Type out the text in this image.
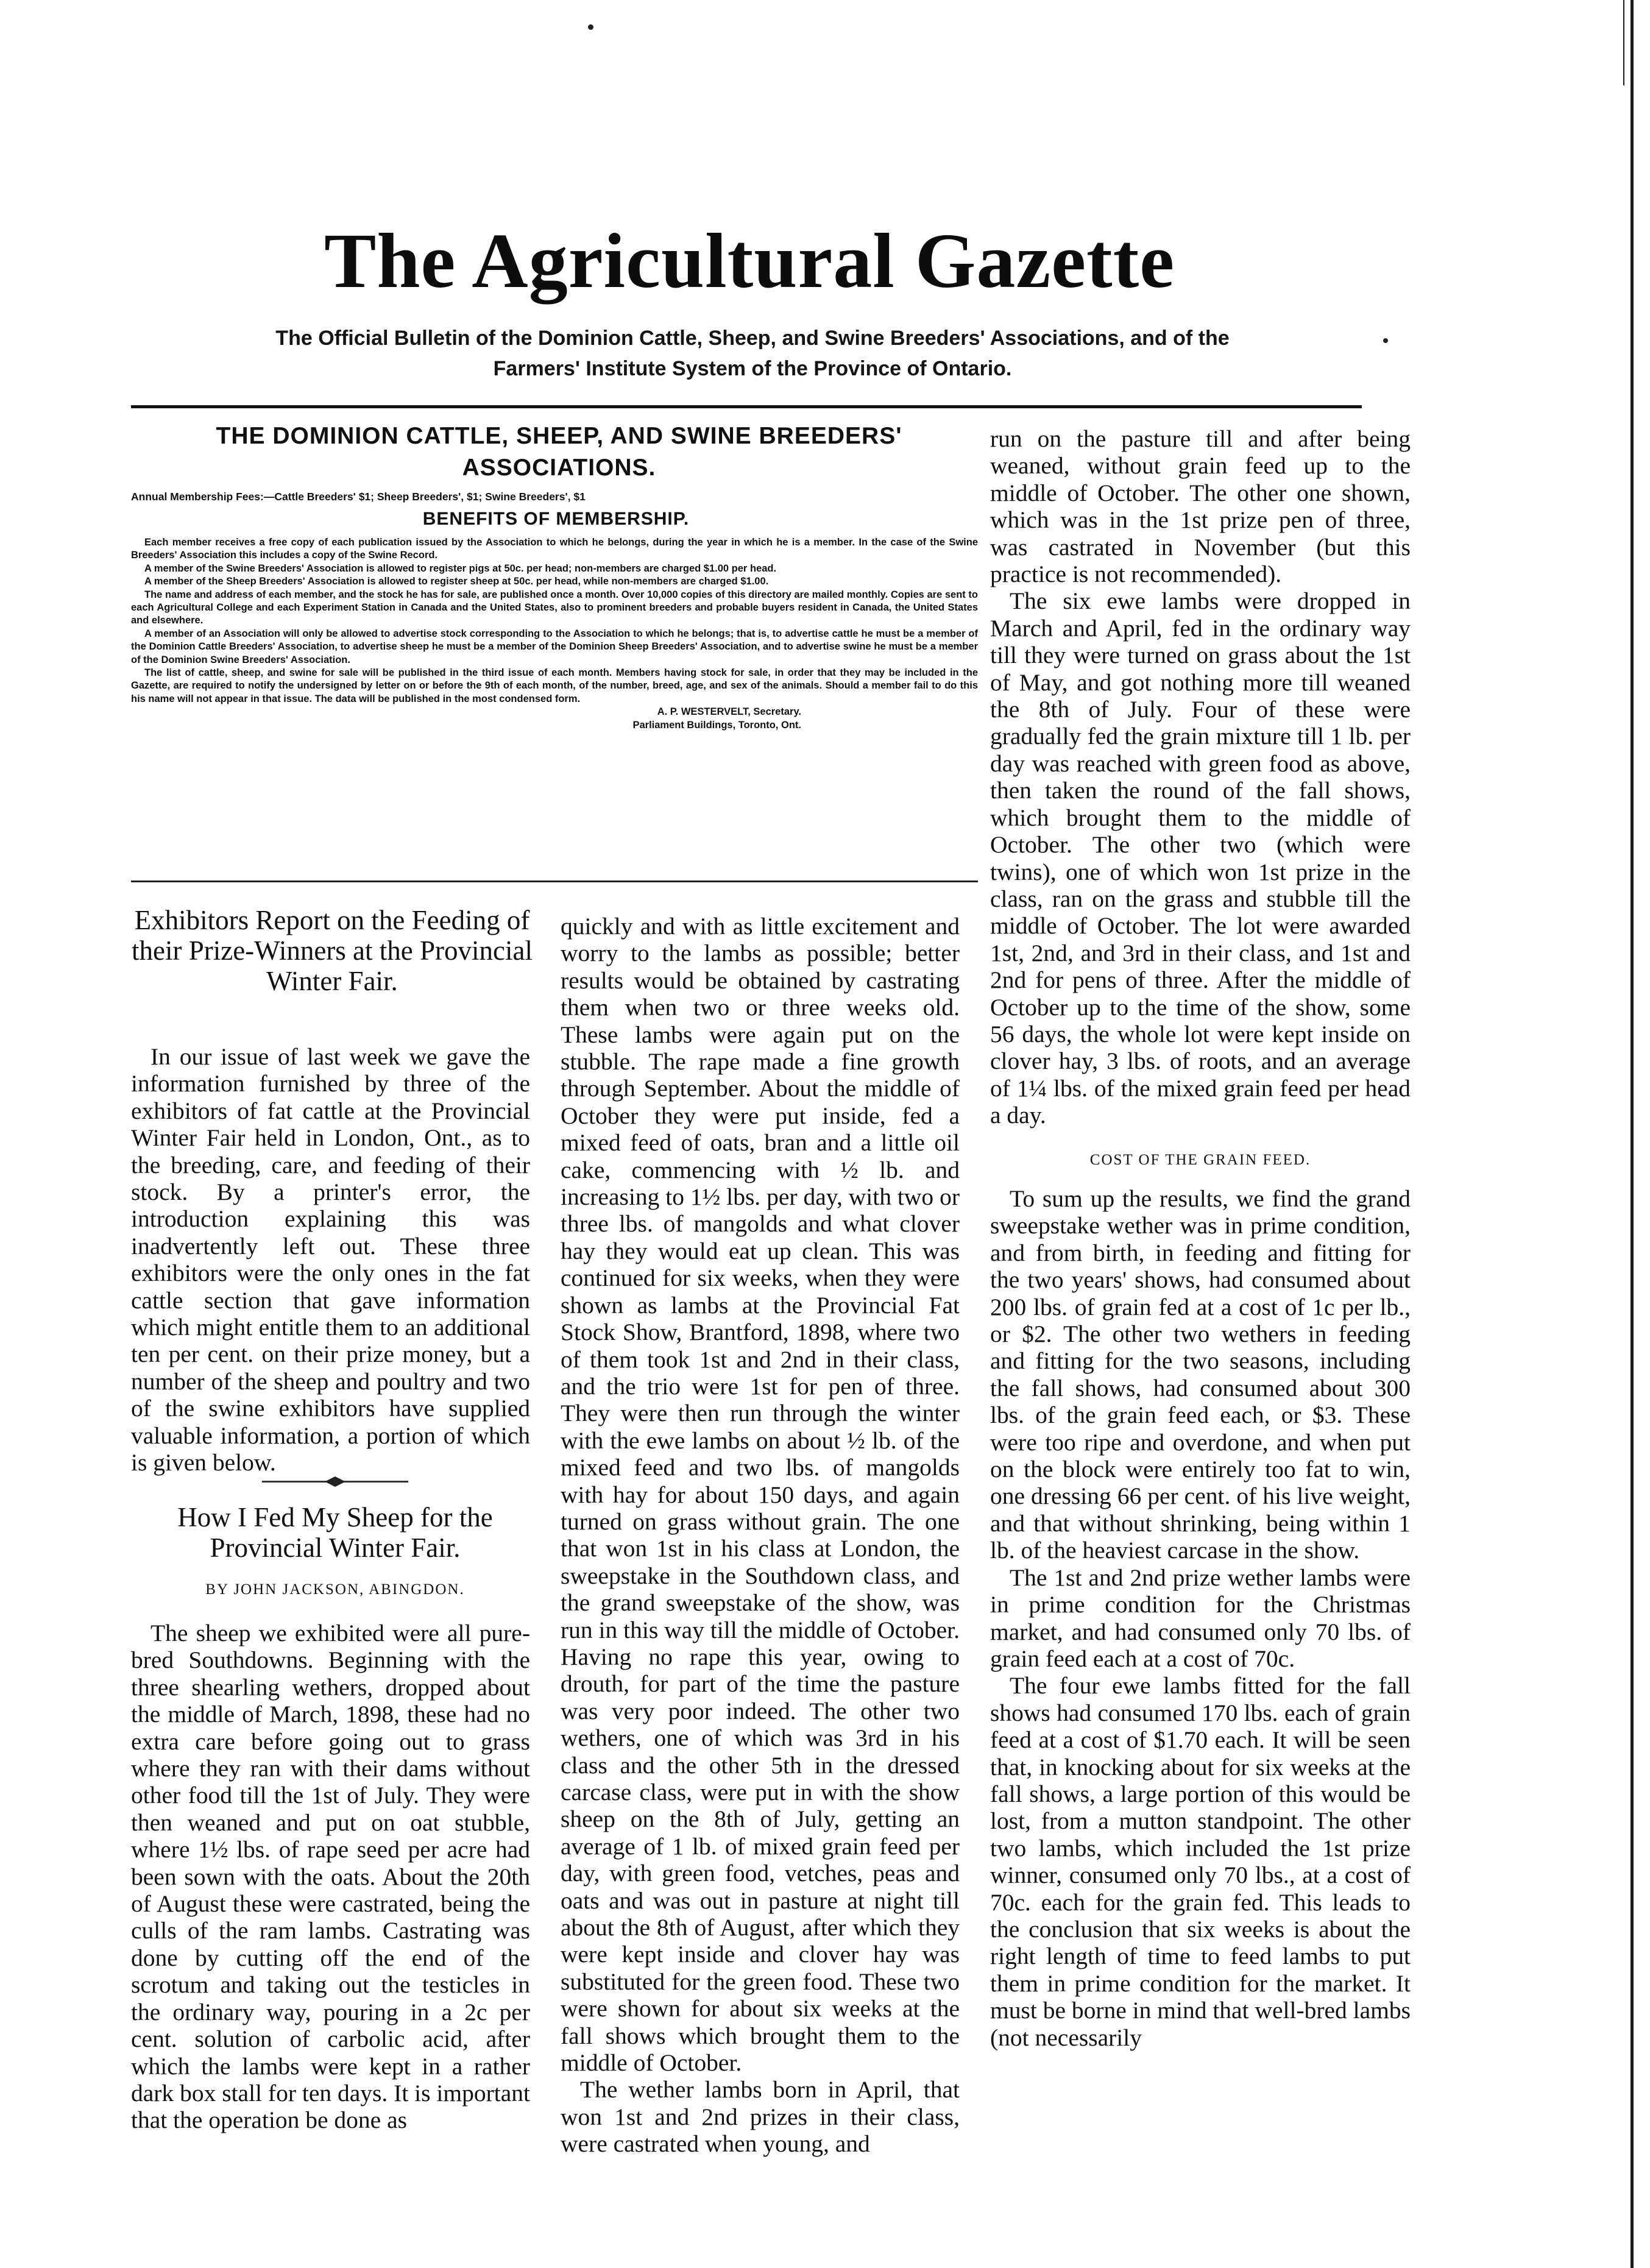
The Agricultural Gazette
The Official Bulletin of the Dominion Cattle, Sheep, and Swine Breeders' Associations, and of the
Farmers' Institute System of the Province of Ontario.
THE DOMINION CATTLE, SHEEP, AND SWINE BREEDERS'
ASSOCIATIONS.
Annual Membership Fees:—Cattle Breeders' $1; Sheep Breeders', $1; Swine Breeders', $1
BENEFITS OF MEMBERSHIP.

Each member receives a free copy of each publication issued by the Association to which he belongs, during the year in which he is a member. In the case of the Swine Breeders' Association this includes a copy of the Swine Record.

A member of the Swine Breeders' Association is allowed to register pigs at 50c. per head; non-members are charged $1.00 per head.

A member of the Sheep Breeders' Association is allowed to register sheep at 50c. per head, while non-members are charged $1.00.

The name and address of each member, and the stock he has for sale, are published once a month. Over 10,000 copies of this directory are mailed monthly. Copies are sent to each Agricultural College and each Experiment Station in Canada and the United States, also to prominent breeders and probable buyers resident in Canada, the United States and elsewhere.

A member of an Association will only be allowed to advertise stock corresponding to the Association to which he belongs; that is, to advertise cattle he must be a member of the Dominion Cattle Breeders' Association, to advertise sheep he must be a member of the Dominion Sheep Breeders' Association, and to advertise swine he must be a member of the Dominion Swine Breeders' Association.

The list of cattle, sheep, and swine for sale will be published in the third issue of each month. Members having stock for sale, in order that they may be included in the Gazette, are required to notify the undersigned by letter on or before the 9th of each month, of the number, breed, age, and sex of the animals. Should a member fail to do this his name will not appear in that issue. The data will be published in the most condensed form.

A. P. WESTERVELT, Secretary.

Parliament Buildings, Toronto, Ont.

Exhibitors Report on the Feeding of their Prize-Winners at the Provincial Winter Fair.

In our issue of last week we gave the information furnished by three of the exhibitors of fat cattle at the Provincial Winter Fair held in London, Ont., as to the breeding, care, and feeding of their stock. By a printer's error, the introduction explaining this was inadvertently left out. These three exhibitors were the only ones in the fat cattle section that gave information which might entitle them to an additional ten per cent. on their prize money, but a number of the sheep and poultry and two of the swine exhibitors have supplied valuable information, a portion of which is given below.

How I Fed My Sheep for the Provincial Winter Fair.
BY JOHN JACKSON, ABINGDON.

The sheep we exhibited were all pure-bred Southdowns. Beginning with the three shearling wethers, dropped about the middle of March, 1898, these had no extra care before going out to grass where they ran with their dams without other food till the 1st of July. They were then weaned and put on oat stubble, where 1½ lbs. of rape seed per acre had been sown with the oats. About the 20th of August these were castrated, being the culls of the ram lambs. Castrating was done by cutting off the end of the scrotum and taking out the testicles in the ordinary way, pouring in a 2c per cent. solution of carbolic acid, after which the lambs were kept in a rather dark box stall for ten days. It is important that the operation be done as

quickly and with as little excitement and worry to the lambs as possible; better results would be obtained by castrating them when two or three weeks old. These lambs were again put on the stubble. The rape made a fine growth through September. About the middle of October they were put inside, fed a mixed feed of oats, bran and a little oil cake, commencing with ½ lb. and increasing to 1½ lbs. per day, with two or three lbs. of mangolds and what clover hay they would eat up clean. This was continued for six weeks, when they were shown as lambs at the Provincial Fat Stock Show, Brantford, 1898, where two of them took 1st and 2nd in their class, and the trio were 1st for pen of three. They were then run through the winter with the ewe lambs on about ½ lb. of the mixed feed and two lbs. of mangolds with hay for about 150 days, and again turned on grass without grain. The one that won 1st in his class at London, the sweepstake in the Southdown class, and the grand sweepstake of the show, was run in this way till the middle of October. Having no rape this year, owing to drouth, for part of the time the pasture was very poor indeed. The other two wethers, one of which was 3rd in his class and the other 5th in the dressed carcase class, were put in with the show sheep on the 8th of July, getting an average of 1 lb. of mixed grain feed per day, with green food, vetches, peas and oats and was out in pasture at night till about the 8th of August, after which they were kept inside and clover hay was substituted for the green food. These two were shown for about six weeks at the fall shows which brought them to the middle of October.

The wether lambs born in April, that won 1st and 2nd prizes in their class, were castrated when young, and

run on the pasture till and after being weaned, without grain feed up to the middle of October. The other one shown, which was in the 1st prize pen of three, was castrated in November (but this practice is not recommended).

The six ewe lambs were dropped in March and April, fed in the ordinary way till they were turned on grass about the 1st of May, and got nothing more till weaned the 8th of July. Four of these were gradually fed the grain mixture till 1 lb. per day was reached with green food as above, then taken the round of the fall shows, which brought them to the middle of October. The other two (which were twins), one of which won 1st prize in the class, ran on the grass and stubble till the middle of October. The lot were awarded 1st, 2nd, and 3rd in their class, and 1st and 2nd for pens of three. After the middle of October up to the time of the show, some 56 days, the whole lot were kept inside on clover hay, 3 lbs. of roots, and an average of 1¼ lbs. of the mixed grain feed per head a day.

COST OF THE GRAIN FEED.

To sum up the results, we find the grand sweepstake wether was in prime condition, and from birth, in feeding and fitting for the two years' shows, had consumed about 200 lbs. of grain fed at a cost of 1c per lb., or $2. The other two wethers in feeding and fitting for the two seasons, including the fall shows, had consumed about 300 lbs. of the grain feed each, or $3. These were too ripe and overdone, and when put on the block were entirely too fat to win, one dressing 66 per cent. of his live weight, and that without shrinking, being within 1 lb. of the heaviest carcase in the show.

The 1st and 2nd prize wether lambs were in prime condition for the Christmas market, and had consumed only 70 lbs. of grain feed each at a cost of 70c.

The four ewe lambs fitted for the fall shows had consumed 170 lbs. each of grain feed at a cost of $1.70 each. It will be seen that, in knocking about for six weeks at the fall shows, a large portion of this would be lost, from a mutton standpoint. The other two lambs, which included the 1st prize winner, consumed only 70 lbs., at a cost of 70c. each for the grain fed. This leads to the conclusion that six weeks is about the right length of time to feed lambs to put them in prime condition for the market. It must be borne in mind that well-bred lambs (not necessarily
